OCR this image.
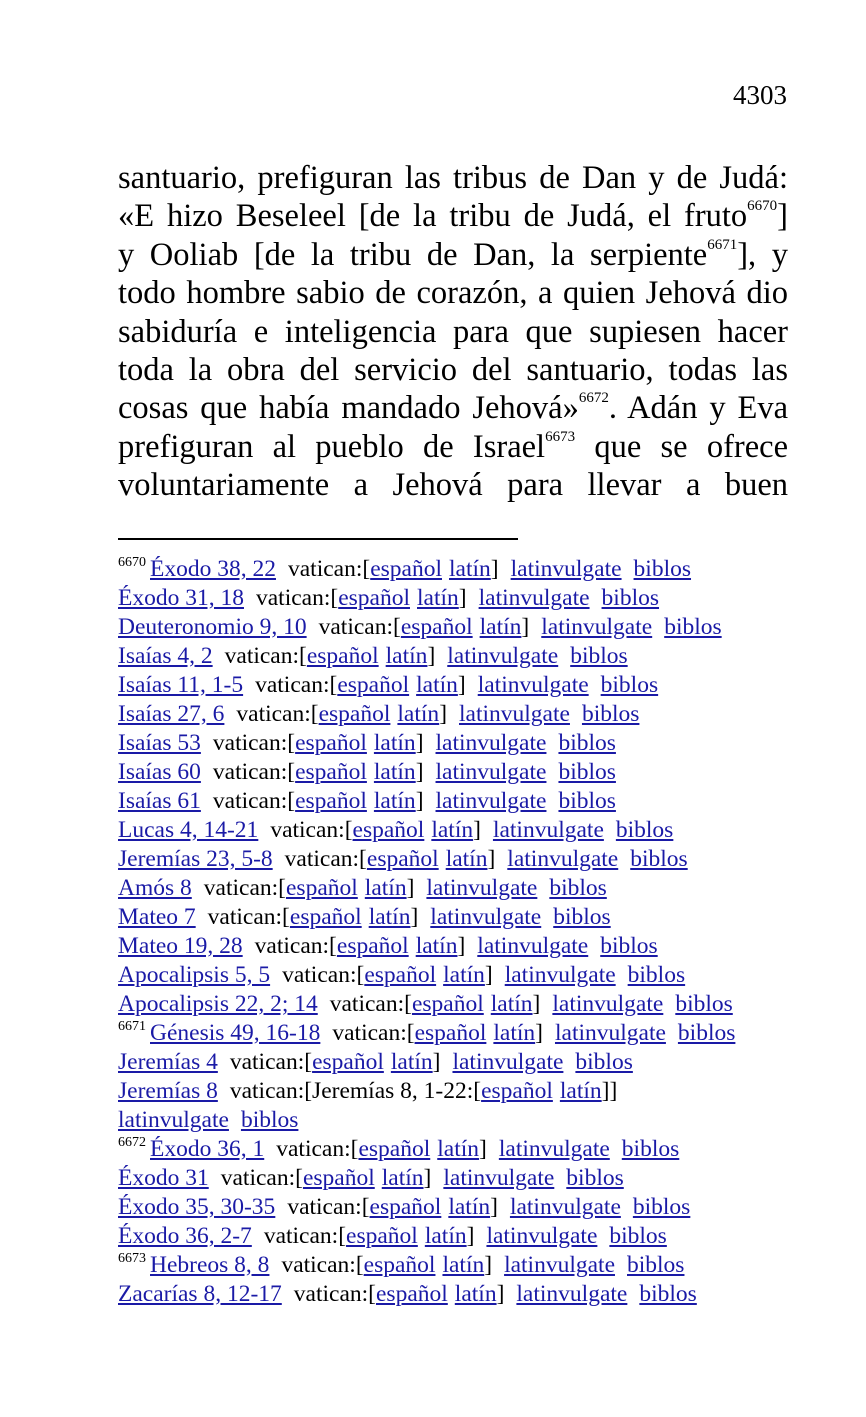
4303
santuario, prefiguran las tribus de Dan y de Judá:
«E hizo Beseleel [de la tribu de Judá, el fruto$^{6670}$]
y Ooliab [de la tribu de Dan, la serpiente$^{6671}$], y
todo hombre sabio de corazón, a quien Jehová dio
sabiduría e inteligencia para que supiesen hacer
toda la obra del servicio del santuario, todas las
cosas que había mandado Jehová»$^{6672}$. Adán y Eva
prefiguran al pueblo de Israel$^{6673}$ que se ofrece
voluntariamente a Jehová para llevar a buen
$^{6670}$ Éxodo 38, 22 vatican:[español latín] latinvulgate biblos
Éxodo 31, 18 vatican:[español latín] latinvulgate biblos
Deuteronomio 9, 10 vatican:[español latín] latinvulgate biblos
Isaías 4, 2 vatican:[español latín] latinvulgate biblos
Isaías 11, 1-5 vatican:[español latín] latinvulgate biblos
Isaías 27, 6 vatican:[español latín] latinvulgate biblos
Isaías 53 vatican:[español latín] latinvulgate biblos
Isaías 60 vatican:[español latín] latinvulgate biblos
Isaías 61 vatican:[español latín] latinvulgate biblos
Lucas 4, 14-21 vatican:[español latín] latinvulgate biblos
Jeremías 23, 5-8 vatican:[español latín] latinvulgate biblos
Amós 8 vatican:[español latín] latinvulgate biblos
Mateo 7 vatican:[español latín] latinvulgate biblos
Mateo 19, 28 vatican:[español latín] latinvulgate biblos
Apocalipsis 5, 5 vatican:[español latín] latinvulgate biblos
Apocalipsis 22, 2; 14 vatican:[español latín] latinvulgate biblos
$^{6671}$ Génesis 49, 16-18 vatican:[español latín] latinvulgate biblos
Jeremías 4 vatican:[español latín] latinvulgate biblos
Jeremías 8 vatican:[Jeremías 8, 1-22:[español latín]]
latinvulgate biblos
$^{6672}$ Éxodo 36, 1 vatican:[español latín] latinvulgate biblos
Éxodo 31 vatican:[español latín] latinvulgate biblos
Éxodo 35, 30-35 vatican:[español latín] latinvulgate biblos
Éxodo 36, 2-7 vatican:[español latín] latinvulgate biblos
$^{6673}$ Hebreos 8, 8 vatican:[español latín] latinvulgate biblos
Zacarías 8, 12-17 vatican:[español latín] latinvulgate biblos
